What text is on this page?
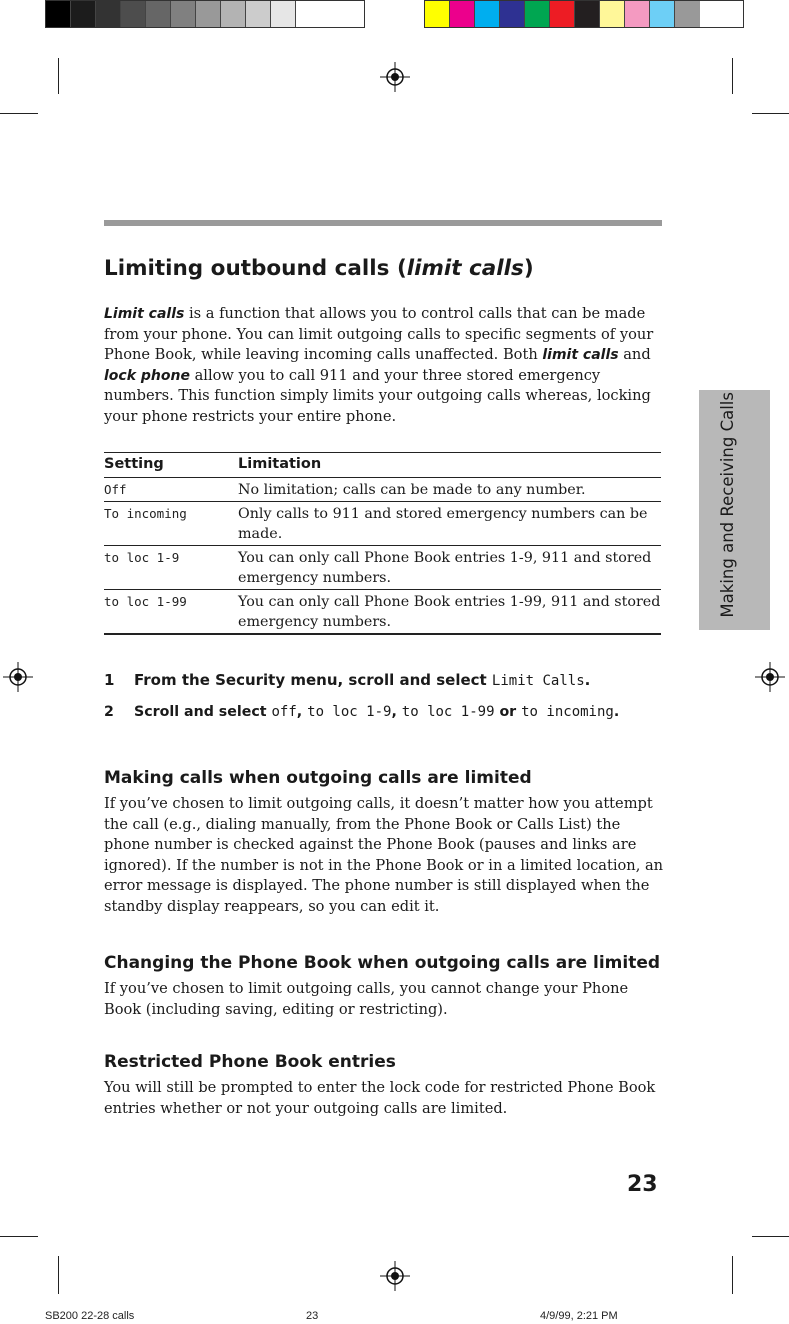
Making and Receiving Calls
Limiting outbound calls (limit calls)

Limit calls is a function that allows you to control calls that can be made from your phone. You can limit outgoing calls to specific segments of your Phone Book, while leaving incoming calls unaffected. Both limit calls and lock phone allow you to call 911 and your three stored emergency numbers. This function simply limits your outgoing calls whereas, locking your phone restricts your entire phone.

Setting	Limitation
Off	No limitation; calls can be made to any number.
To incoming	Only calls to 911 and stored emergency numbers can be made.
to loc 1-9	You can only call Phone Book entries 1-9, 911 and stored emergency numbers.
to loc 1-99	You can only call Phone Book entries 1-99, 911 and stored emergency numbers.
1 From the Security menu, scroll and select Limit Calls.
2 Scroll and select off, to loc 1-9, to loc 1-99 or to incoming.
Making calls when outgoing calls are limited

If you’ve chosen to limit outgoing calls, it doesn’t matter how you attempt the call (e.g., dialing manually, from the Phone Book or Calls List) the phone number is checked against the Phone Book (pauses and links are ignored). If the number is not in the Phone Book or in a limited location, an error message is displayed. The phone number is still displayed when the standby display reappears, so you can edit it.

Changing the Phone Book when outgoing calls are limited

If you’ve chosen to limit outgoing calls, you cannot change your Phone Book (including saving, editing or restricting).

Restricted Phone Book entries

You will still be prompted to enter the lock code for restricted Phone Book entries whether or not your outgoing calls are limited.

23
SB200 22-28 calls	23	4/9/99, 2:21 PM
